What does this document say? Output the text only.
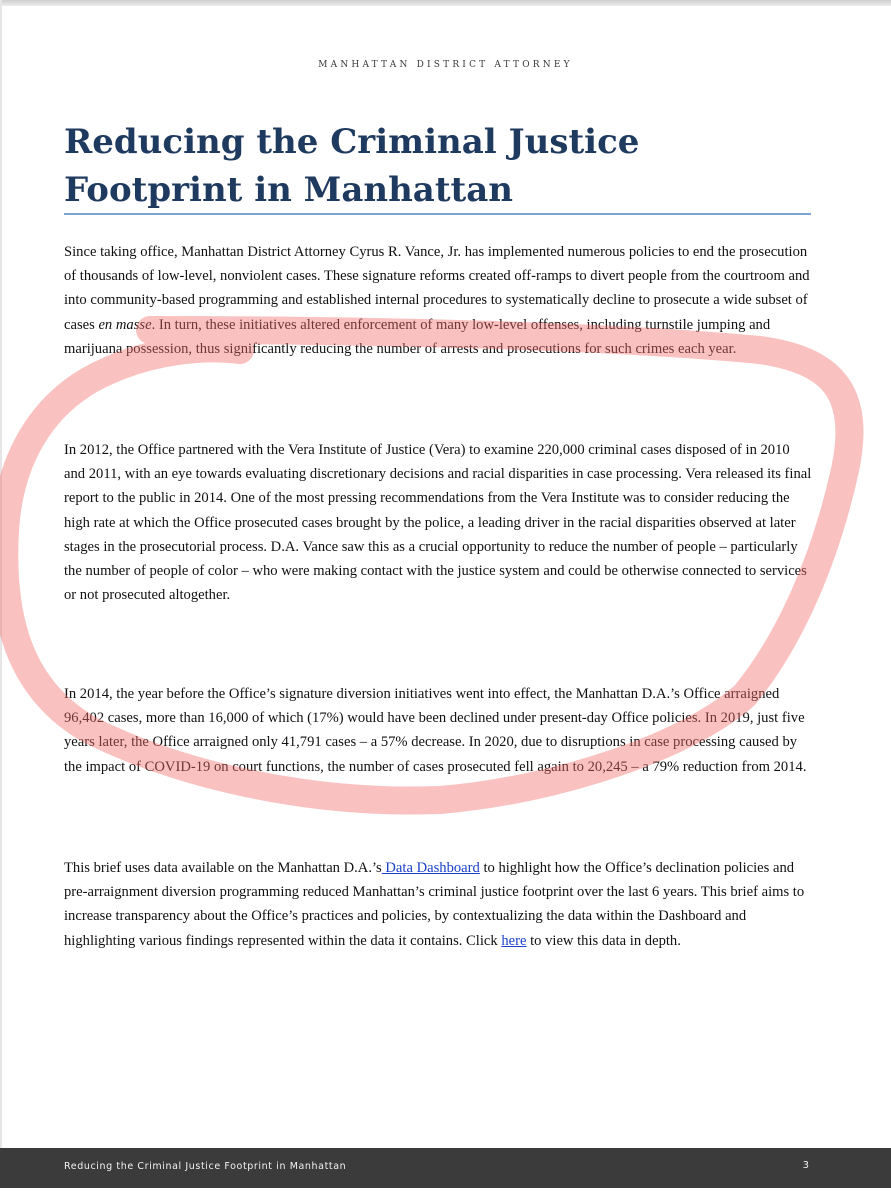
MANHATTAN DISTRICT ATTORNEY
Reducing the Criminal Justice Footprint in Manhattan

Since taking office, Manhattan District Attorney Cyrus R. Vance, Jr. has implemented numerous policies to end the prosecution of thousands of low-level, nonviolent cases. These signature reforms created off-ramps to divert people from the courtroom and into community-based programming and established internal procedures to systematically decline to prosecute a wide subset of cases en masse. In turn, these initiatives altered enforcement of many low-level offenses, including turnstile jumping and marijuana possession, thus significantly reducing the number of arrests and prosecutions for such crimes each year.

In 2012, the Office partnered with the Vera Institute of Justice (Vera) to examine 220,000 criminal cases disposed of in 2010 and 2011, with an eye towards evaluating discretionary decisions and racial disparities in case processing. Vera released its final report to the public in 2014. One of the most pressing recommendations from the Vera Institute was to consider reducing the high rate at which the Office prosecuted cases brought by the police, a leading driver in the racial disparities observed at later stages in the prosecutorial process. D.A. Vance saw this as a crucial opportunity to reduce the number of people – particularly the number of people of color – who were making contact with the justice system and could be otherwise connected to services or not prosecuted altogether.

In 2014, the year before the Office’s signature diversion initiatives went into effect, the Manhattan D.A.’s Office arraigned 96,402 cases, more than 16,000 of which (17%) would have been declined under present-day Office policies. In 2019, just five years later, the Office arraigned only 41,791 cases – a 57% decrease. In 2020, due to disruptions in case processing caused by the impact of COVID-19 on court functions, the number of cases prosecuted fell again to 20,245 – a 79% reduction from 2014.

This brief uses data available on the Manhattan D.A.’s Data Dashboard to highlight how the Office’s declination policies and pre-arraignment diversion programming reduced Manhattan’s criminal justice footprint over the last 6 years. This brief aims to increase transparency about the Office’s practices and policies, by contextualizing the data within the Dashboard and highlighting various findings represented within the data it contains. Click here to view this data in depth.

Reducing the Criminal Justice Footprint in Manhattan	3
